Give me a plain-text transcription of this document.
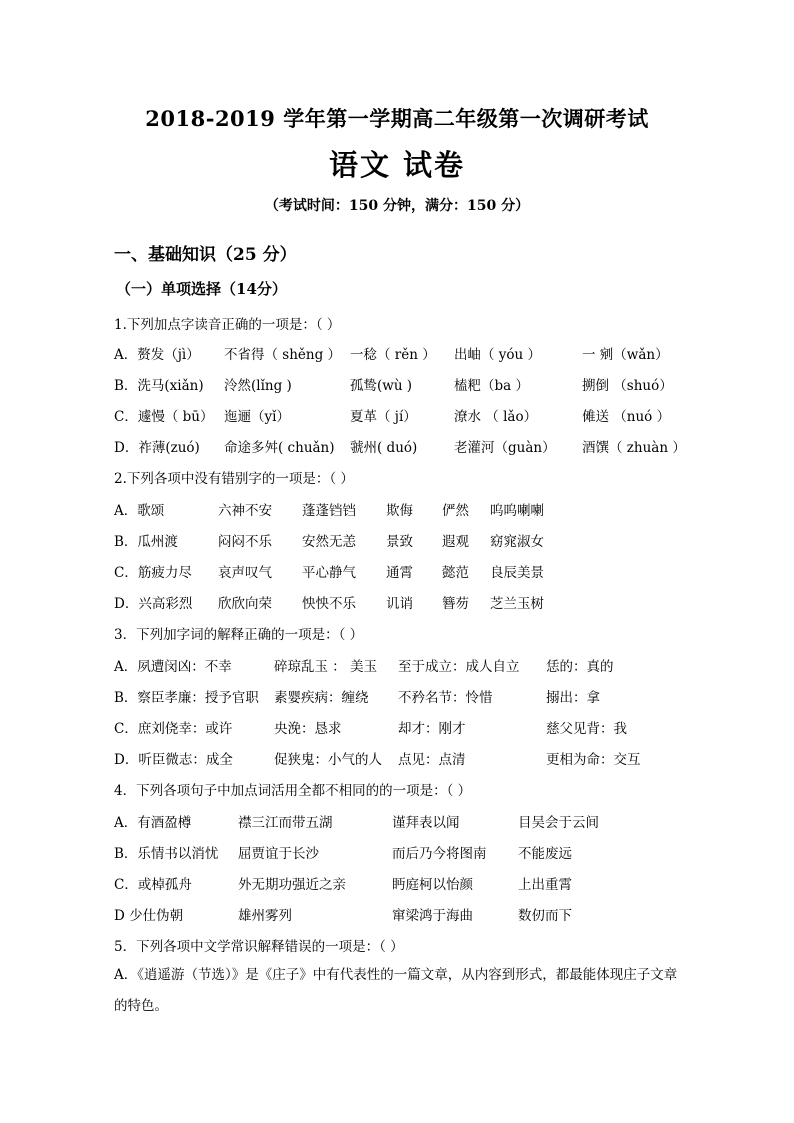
2018-2019 学年第一学期高二年级第一次调研考试
语文 试卷
（考试时间：150 分钟，满分：150 分）
一、基础知识（25 分）
（一）单项选择（14分）
1.下列加点字读音正确的一项是：（ ）
A．赘发（jì） 不省得（ shěng ） 一稔（ rěn ） 出岫（ yóu ）	一 剜（wǎn）
B．洗马(xiǎn) 泠然(lǐng )	孤鸷(wù )	榼粑（ba ）	搠倒 （shuó）
C．遽慢（ bū） 迤逦（yǐ）	夏革（ jí）	潦水 （ lǎo）	傩送 （nuó ）
D．祚薄(zuó) 命途多舛( chuǎn) 虢州( duó)	老灌河（guàn） 酒馔（ zhuàn ）
2.下列各项中没有错别字的一项是：（ ）
A．歌颂	六神不安 蓬蓬铛铛 欺侮 俨然 呜呜喇喇
B．瓜州渡	闷闷不乐 安然无恙 景致 遐观 窈窕淑女
C．筋疲力尽 哀声叹气 平心静气 通霄 懿范 良辰美景
D．兴高彩烈 欣欣向荣 怏怏不乐 讥诮 簪芴 芝兰玉树
3．下列加字词的解释正确的一项是：（ ）
A．夙遭闵凶：不幸	碎琼乱玉 ： 美玉 至于成立：成人自立 恁的：真的
B．察臣孝廉：授予官职 素婴疾病：缠绕 不矜名节：怜惜	搦出：拿
C．庶刘侥幸：或许	央浼：恳求	却才：刚才	慈父见背：我
D．听臣微志：成全	促狭鬼：小气的人 点见：点清	更相为命：交互
4．下列各项句子中加点词活用全都不相同的的一项是：（ ）
A．有酒盈樽	襟三江而带五湖	谨拜表以闻	目吴会于云间
B．乐情书以消忧 屈贾谊于长沙	而后乃今将图南 不能废远
C．或棹孤舟	外无期功强近之亲	眄庭柯以怡颜	上出重霄
D 少仕伪朝	雄州雾列	窜梁鸿于海曲	数仞而下
5．下列各项中文学常识解释错误的一项是：（ ）
A．《逍遥游（节选）》是《庄子》中有代表性的一篇文章，从内容到形式，都最能体现庄子文章的特色。
